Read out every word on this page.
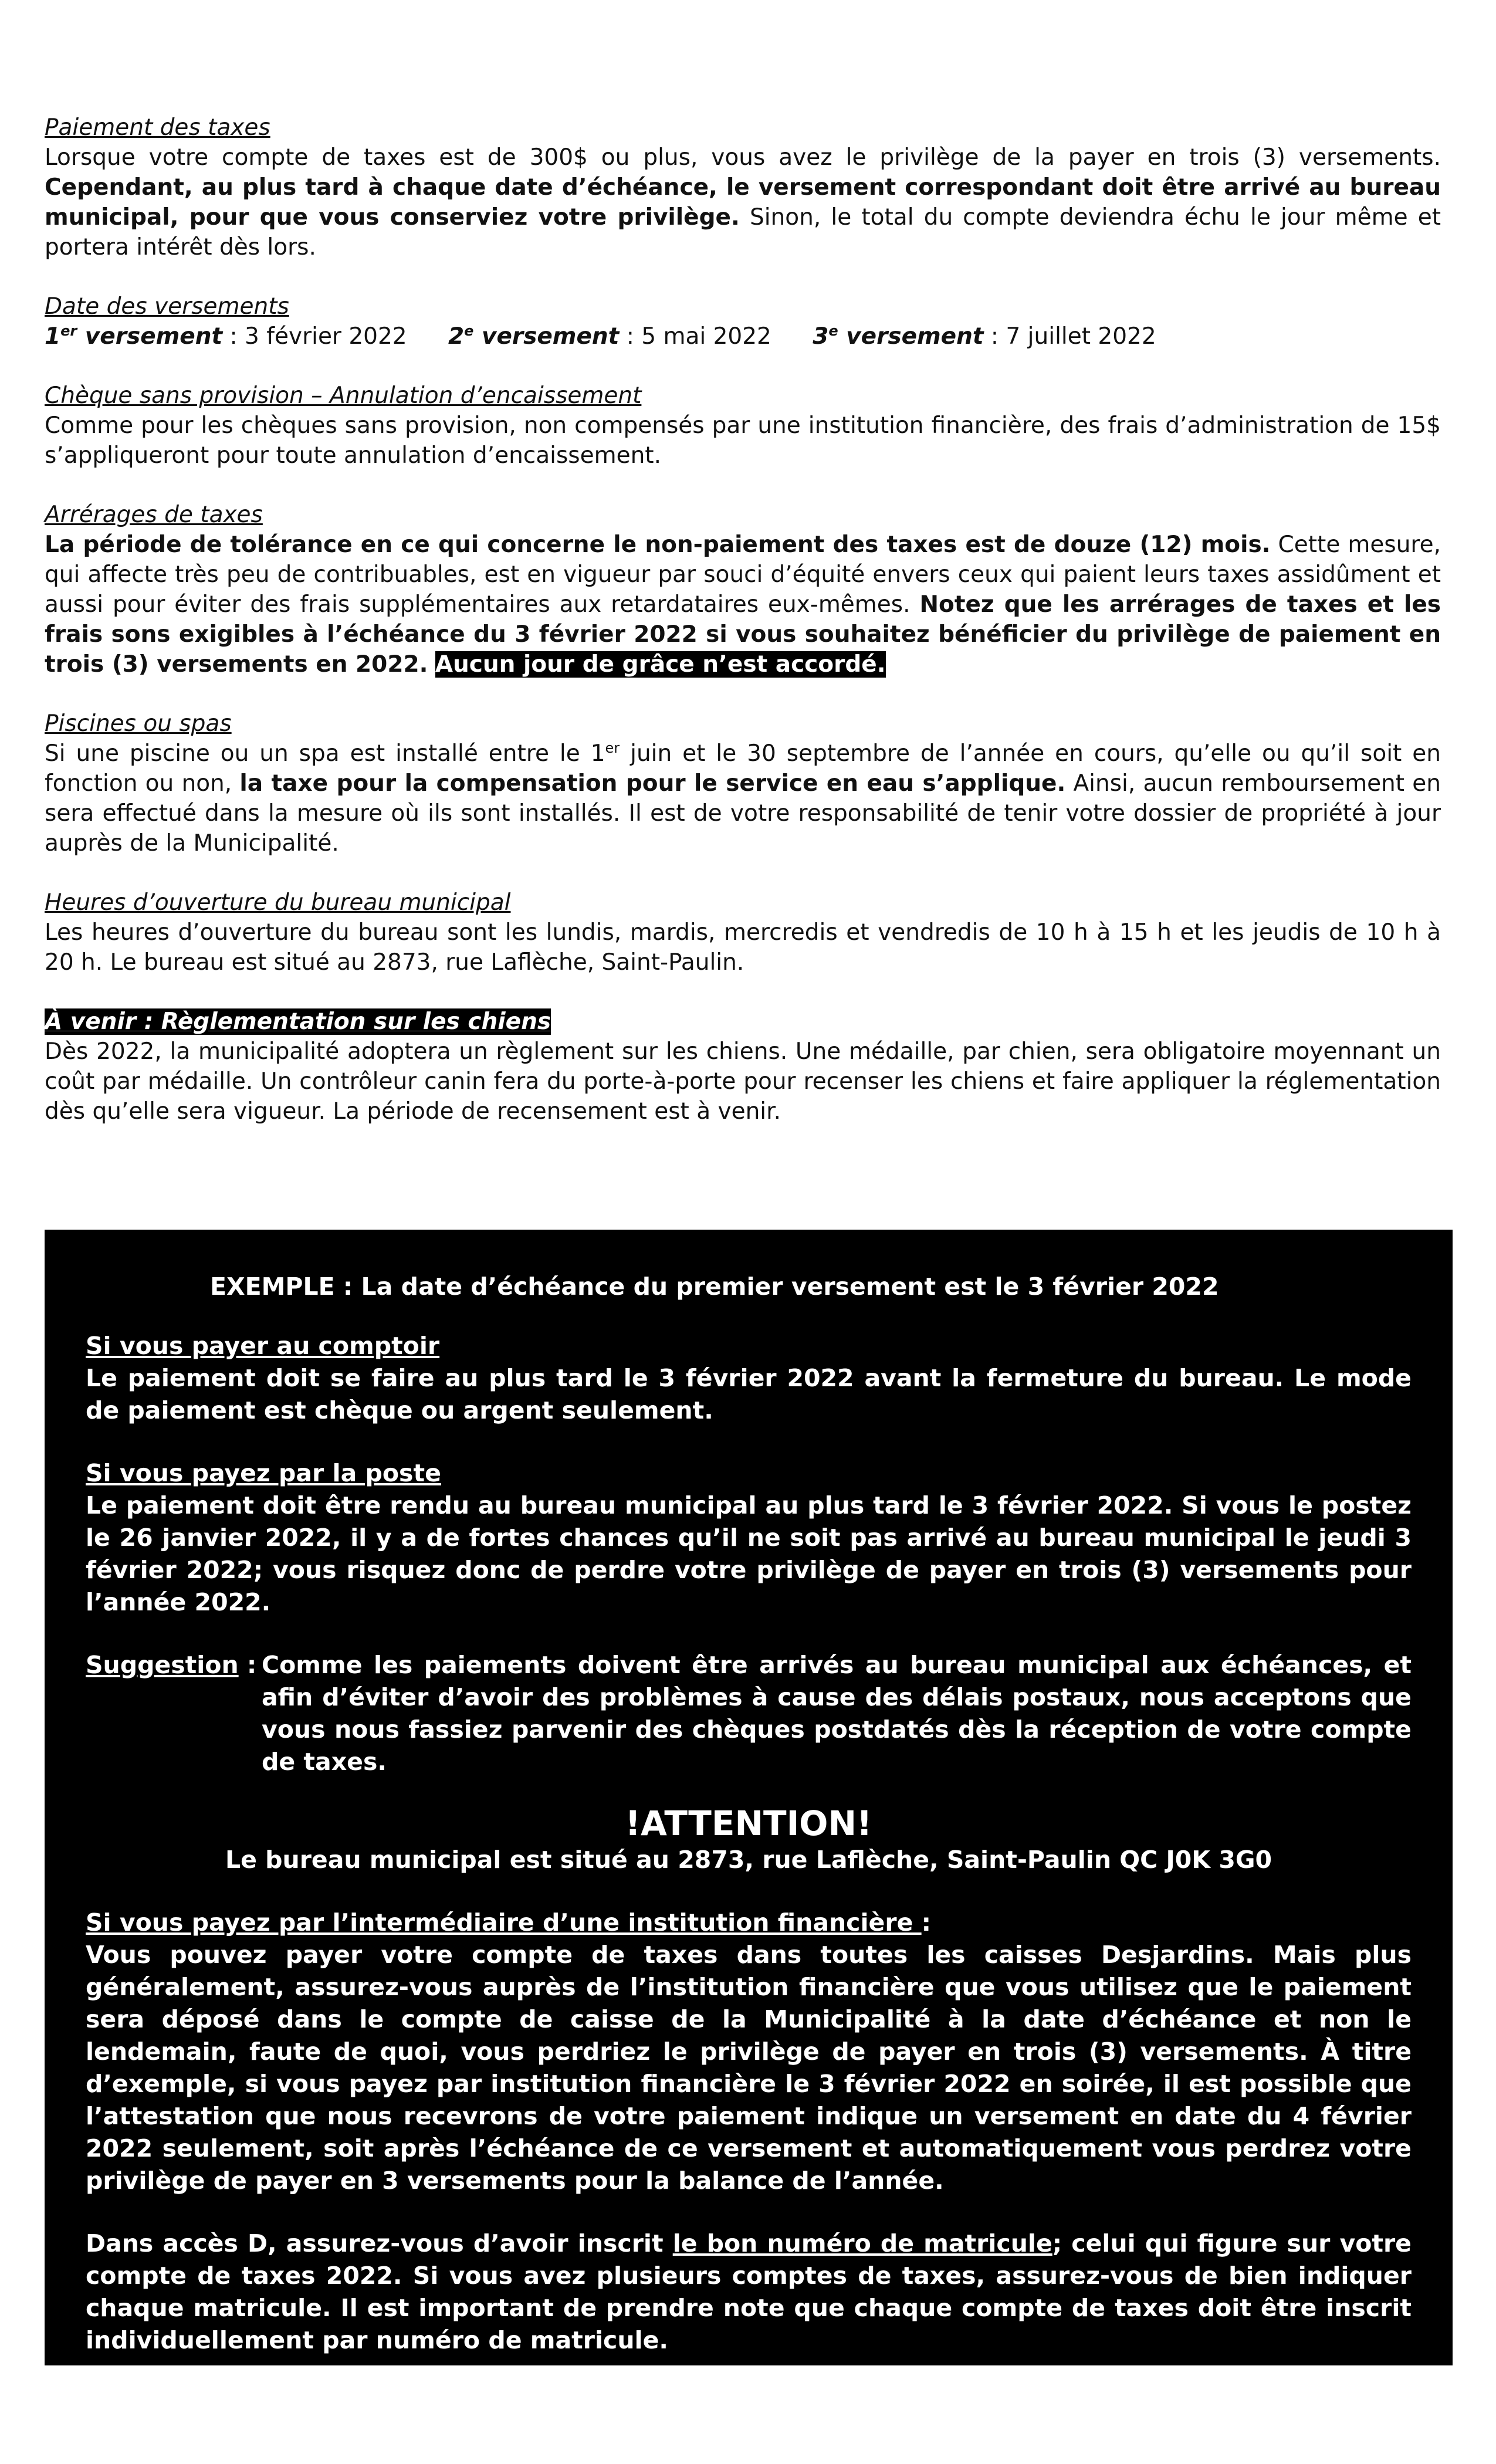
Paiement des taxes
Lorsque votre compte de taxes est de 300$ ou plus, vous avez le privilège de la payer en trois (3) versements. Cependant, au plus tard à chaque date d’échéance, le versement correspondant doit être arrivé au bureau municipal, pour que vous conserviez votre privilège. Sinon, le total du compte deviendra échu le jour même et portera intérêt dès lors.
Date des versements
1er versement : 3 février 2022 2e versement : 5 mai 2022 3e versement : 7 juillet 2022
Chèque sans provision – Annulation d’encaissement
Comme pour les chèques sans provision, non compensés par une institution financière, des frais d’administration de 15$ s’appliqueront pour toute annulation d’encaissement.
Arrérages de taxes
La période de tolérance en ce qui concerne le non-paiement des taxes est de douze (12) mois. Cette mesure, qui affecte très peu de contribuables, est en vigueur par souci d’équité envers ceux qui paient leurs taxes assidûment et aussi pour éviter des frais supplémentaires aux retardataires eux-mêmes. Notez que les arrérages de taxes et les frais sons exigibles à l’échéance du 3 février 2022 si vous souhaitez bénéficier du privilège de paiement en trois (3) versements en 2022. Aucun jour de grâce n’est accordé.
Piscines ou spas
Si une piscine ou un spa est installé entre le 1er juin et le 30 septembre de l’année en cours, qu’elle ou qu’il soit en fonction ou non, la taxe pour la compensation pour le service en eau s’applique. Ainsi, aucun remboursement en sera effectué dans la mesure où ils sont installés. Il est de votre responsabilité de tenir votre dossier de propriété à jour auprès de la Municipalité.
Heures d’ouverture du bureau municipal
Les heures d’ouverture du bureau sont les lundis, mardis, mercredis et vendredis de 10 h à 15 h et les jeudis de 10 h à 20 h. Le bureau est situé au 2873, rue Laflèche, Saint-Paulin.
À venir : Règlementation sur les chiens
Dès 2022, la municipalité adoptera un règlement sur les chiens. Une médaille, par chien, sera obligatoire moyennant un coût par médaille. Un contrôleur canin fera du porte-à-porte pour recenser les chiens et faire appliquer la réglementation dès qu’elle sera vigueur. La période de recensement est à venir.
EXEMPLE : La date d’échéance du premier versement est le 3 février 2022
Si vous payer au comptoir
Le paiement doit se faire au plus tard le 3 février 2022 avant la fermeture du bureau. Le mode de paiement est chèque ou argent seulement.
Si vous payez par la poste
Le paiement doit être rendu au bureau municipal au plus tard le 3 février 2022. Si vous le postez le 26 janvier 2022, il y a de fortes chances qu’il ne soit pas arrivé au bureau municipal le jeudi 3 février 2022; vous risquez donc de perdre votre privilège de payer en trois (3) versements pour l’année 2022.
Suggestion : Comme les paiements doivent être arrivés au bureau municipal aux échéances, et afin d’éviter d’avoir des problèmes à cause des délais postaux, nous acceptons que vous nous fassiez parvenir des chèques postdatés dès la réception de votre compte de taxes.
!ATTENTION!
Le bureau municipal est situé au 2873, rue Laflèche, Saint-Paulin QC J0K 3G0
Si vous payez par l’intermédiaire d’une institution financière :
Vous pouvez payer votre compte de taxes dans toutes les caisses Desjardins. Mais plus généralement, assurez-vous auprès de l’institution financière que vous utilisez que le paiement sera déposé dans le compte de caisse de la Municipalité à la date d’échéance et non le lendemain, faute de quoi, vous perdriez le privilège de payer en trois (3) versements. À titre d’exemple, si vous payez par institution financière le 3 février 2022 en soirée, il est possible que l’attestation que nous recevrons de votre paiement indique un versement en date du 4 février 2022 seulement, soit après l’échéance de ce versement et automatiquement vous perdrez votre privilège de payer en 3 versements pour la balance de l’année.
Dans accès D, assurez-vous d’avoir inscrit le bon numéro de matricule; celui qui figure sur votre compte de taxes 2022. Si vous avez plusieurs comptes de taxes, assurez-vous de bien indiquer chaque matricule. Il est important de prendre note que chaque compte de taxes doit être inscrit individuellement par numéro de matricule.
